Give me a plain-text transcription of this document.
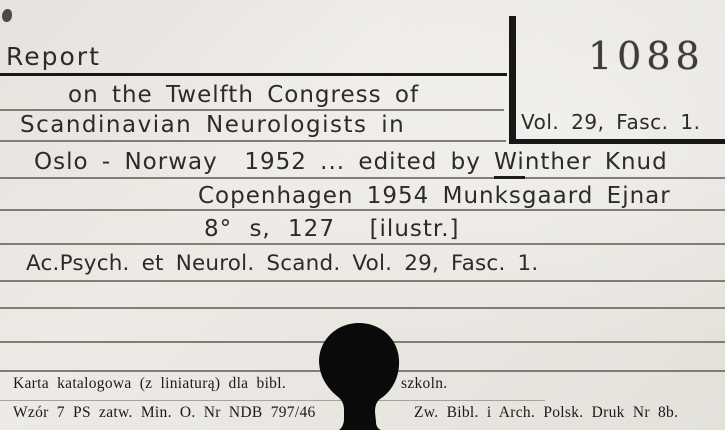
Report	1088
Vol. 29, Fasc. 1.
on the Twelfth Congress of
Scandinavian Neurologists in
Oslo - Norway  1952 ... edited by Winther Knud
Copenhagen 1954 Munksgaard Ejnar
8° s, 127  [ilustr.]
Ac.Psych. et Neurol. Scand. Vol. 29, Fasc. 1.
Karta katalogowa (z liniaturą) dla bibl.	szkoln.
Wzór 7 PS zatw. Min. O. Nr NDB 797/46	Zw. Bibl. i Arch. Polsk. Druk Nr 8b.
